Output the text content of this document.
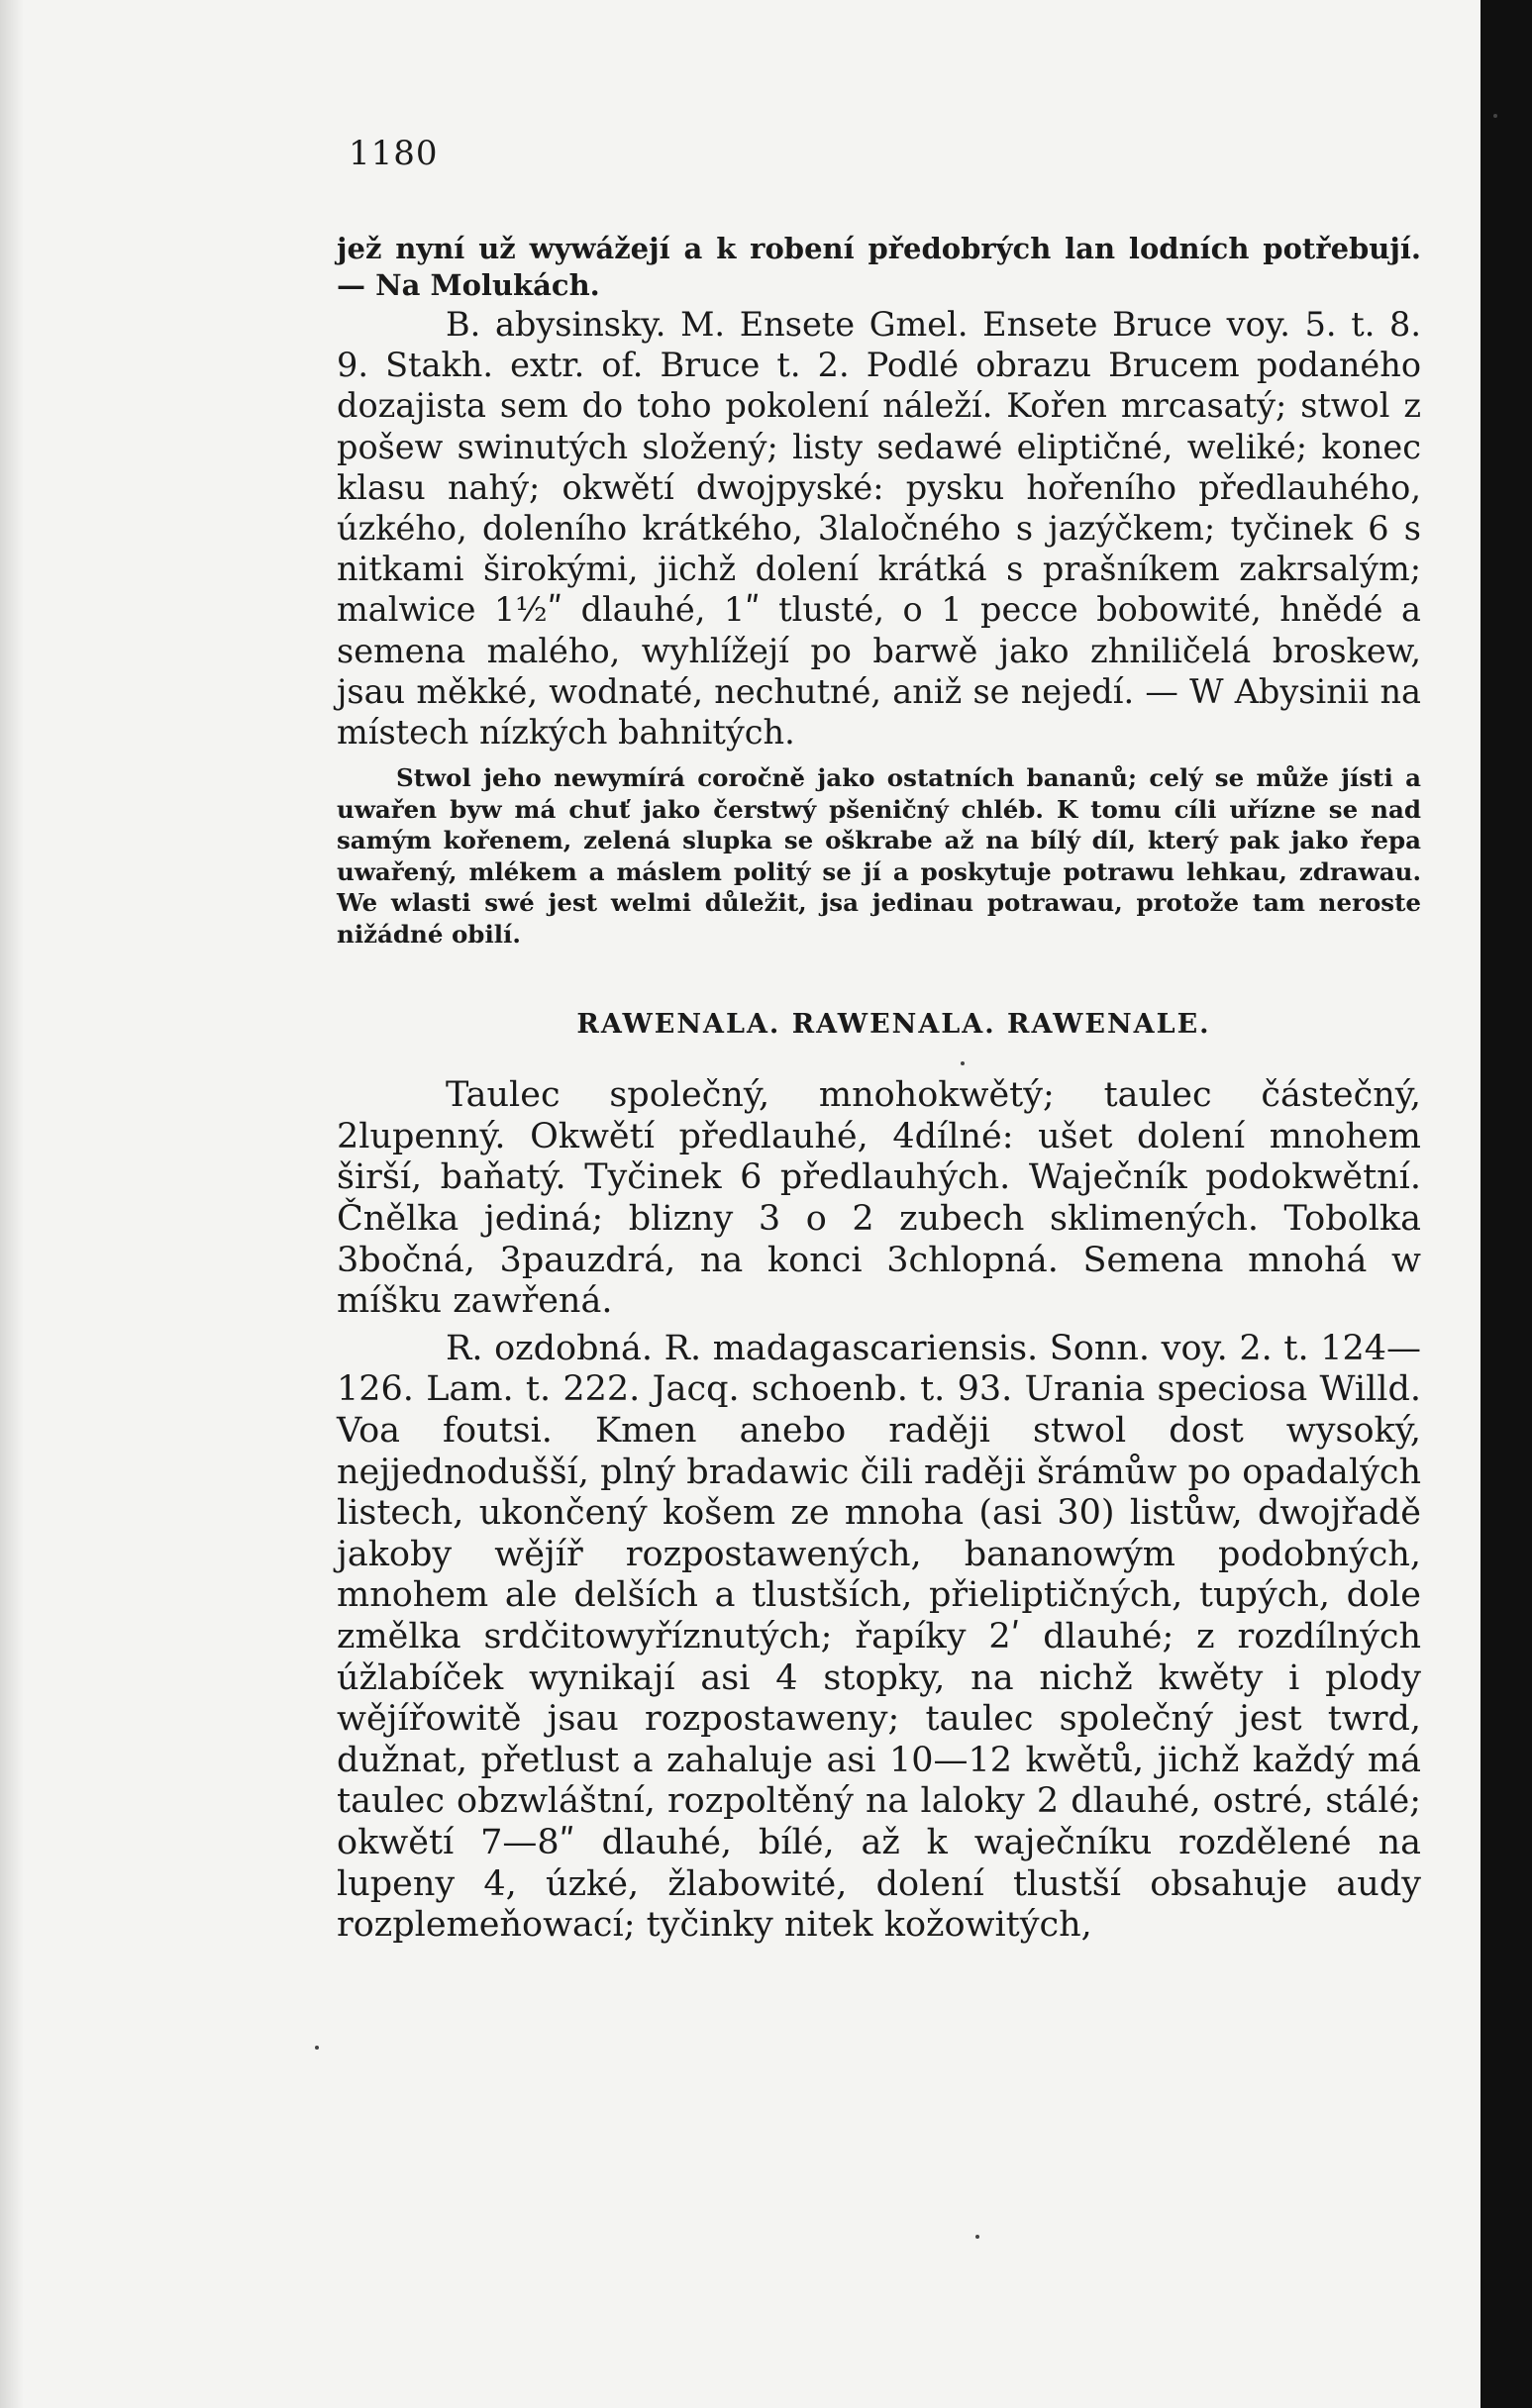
1180

jež nyní už wywážejí a k robení předobrých lan lodních potřebují. — Na Molukách.

B. abysinsky. M. Ensete Gmel. Ensete Bruce voy. 5. t. 8. 9. Stakh. extr. of. Bruce t. 2. Podlé obrazu Brucem podaného dozajista sem do toho pokolení náleží. Kořen mrcasatý; stwol z pošew swinutých složený; listy sedawé eliptičné, weliké; konec klasu nahý; okwětí dwojpyské: pysku hořeního předlauhého, úzkého, doleního krátkého, 3laločného s jazýčkem; tyčinek 6 s nitkami širokými, jichž dolení krátká s prašníkem zakrsalým; malwice 1½ʺ dlauhé, 1ʺ tlusté, o 1 pecce bobowité, hnědé a semena malého, wyhlížejí po barwě jako zhniličelá broskew, jsau měkké, wodnaté, nechutné, aniž se nejedí. — W Abysinii na místech nízkých bahnitých.

Stwol jeho newymírá coročně jako ostatních bananů; celý se může jísti a uwařen byw má chuť jako čerstwý pšeničný chléb. K tomu cíli uřízne se nad samým kořenem, zelená slupka se oškrabe až na bílý díl, který pak jako řepa uwařený, mlékem a máslem politý se jí a poskytuje potrawu lehkau, zdrawau. We wlasti swé jest welmi důležit, jsa jedinau potrawau, protože tam neroste nižádné obilí.

RAWENALA. RAWENALA. RAWENALE.

Taulec společný, mnohokwětý; taulec částečný, 2lupenný. Okwětí předlauhé, 4dílné: ušet dolení mnohem širší, baňatý. Tyčinek 6 předlauhých. Waječník podokwětní. Čnělka jediná; blizny 3 o 2 zubech sklimených. Tobolka 3bočná, 3pauzdrá, na konci 3chlopná. Semena mnohá w míšku zawřená.

R. ozdobná. R. madagascariensis. Sonn. voy. 2. t. 124—126. Lam. t. 222. Jacq. schoenb. t. 93. Urania speciosa Willd. Voa foutsi. Kmen anebo raději stwol dost wysoký, nejjednodušší, plný bradawic čili raději šrámůw po opadalých listech, ukončený košem ze mnoha (asi 30) listůw, dwojřadě jakoby wějíř rozpostawených, bananowým podobných, mnohem ale delších a tlustších, přieliptičných, tupých, dole změlka srdčitowyříznutých; řapíky 2ʹ dlauhé; z rozdílných úžlabíček wynikají asi 4 stopky, na nichž kwěty i plody wějířowitě jsau rozpostaweny; taulec společný jest twrd, dužnat, přetlust a zahaluje asi 10—12 kwětů, jichž každý má taulec obzwláštní, rozpoltěný na laloky 2 dlauhé, ostré, stálé; okwětí 7—8ʺ dlauhé, bílé, až k waječníku rozdělené na lupeny 4, úzké, žlabowité, dolení tlustší obsahuje audy rozplemeňowací; tyčinky nitek kožowitých,
